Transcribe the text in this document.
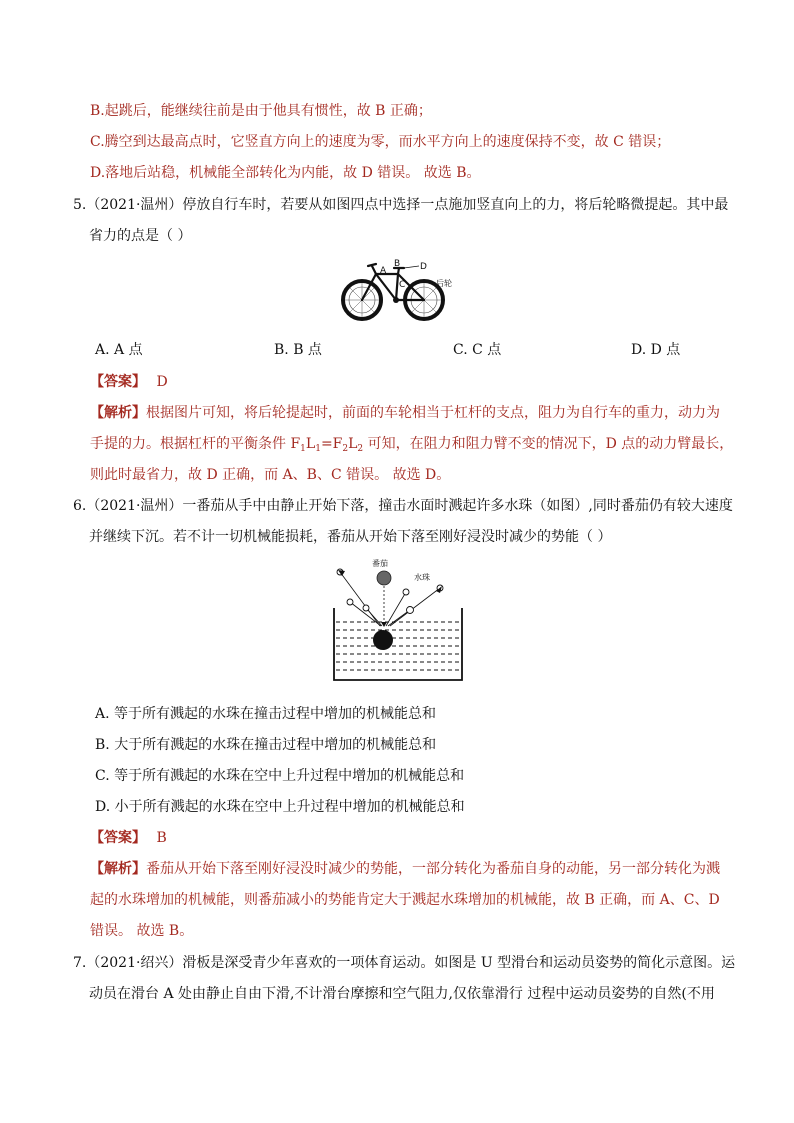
B.起跳后，能继续往前是由于他具有惯性，故 B 正确；
C.腾空到达最高点时，它竖直方向上的速度为零，而水平方向上的速度保持不变，故 C 错误；
D.落地后站稳，机械能全部转化为内能，故 D 错误。 故选 B。
5.（2021·温州）停放自行车时，若要从如图四点中选择一点施加竖直向上的力，将后轮略微提起。其中最
省力的点是（ ）
A
B
C
D
后轮
A. A 点	B. B 点	C. C 点	D. D 点
【答案】 D
【解析】根据图片可知，将后轮提起时，前面的车轮相当于杠杆的支点，阻力为自行车的重力，动力为
手提的力。根据杠杆的平衡条件 $F_1L_1=F_2L_2$ 可知，在阻力和阻力臂不变的情况下，D 点的动力臂最长，
则此时最省力，故 D 正确，而 A、B、C 错误。 故选 D。
6.（2021·温州）一番茄从手中由静止开始下落，撞击水面时溅起许多水珠（如图）,同时番茄仍有较大速度
并继续下沉。若不计一切机械能损耗，番茄从开始下落至刚好浸没时减少的势能（ ）
番茄
水珠
A. 等于所有溅起的水珠在撞击过程中增加的机械能总和
B. 大于所有溅起的水珠在撞击过程中增加的机械能总和
C. 等于所有溅起的水珠在空中上升过程中增加的机械能总和
D. 小于所有溅起的水珠在空中上升过程中增加的机械能总和
【答案】 B
【解析】番茄从开始下落至刚好浸没时减少的势能，一部分转化为番茄自身的动能，另一部分转化为溅
起的水珠增加的机械能，则番茄减小的势能肯定大于溅起水珠增加的机械能，故 B 正确，而 A、C、D
错误。 故选 B。
7.（2021·绍兴）滑板是深受青少年喜欢的一项体育运动。如图是 U 型滑台和运动员姿势的简化示意图。运
动员在滑台 A 处由静止自由下滑,不计滑台摩擦和空气阻力,仅依靠滑行 过程中运动员姿势的自然(不用
